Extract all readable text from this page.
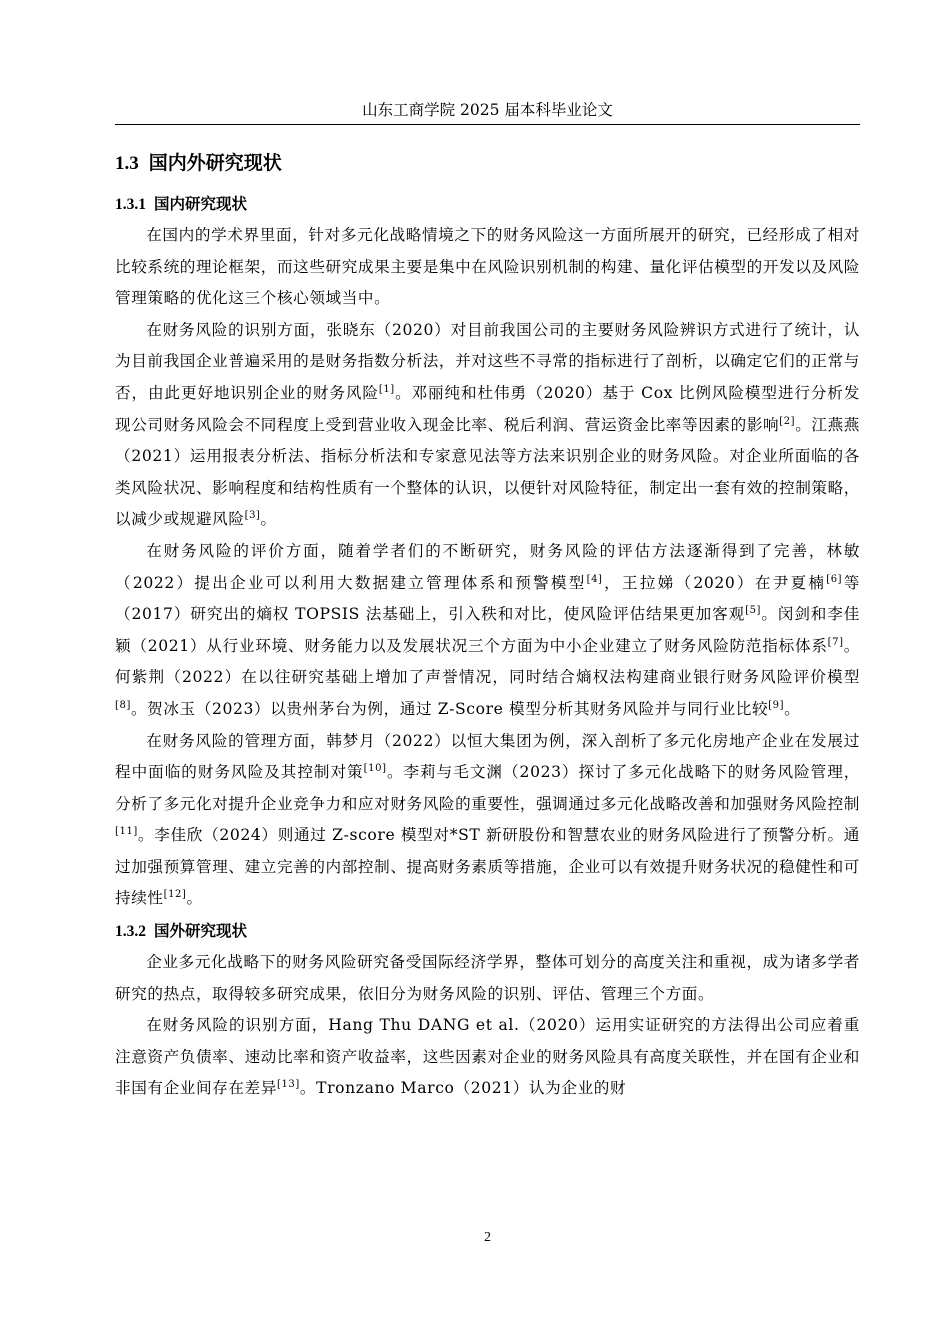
山东工商学院 2025 届本科毕业论文
1.3 国内外研究现状
1.3.1 国内研究现状

在国内的学术界里面，针对多元化战略情境之下的财务风险这一方面所展开的研究，已经形成了相对比较系统的理论框架，而这些研究成果主要是集中在风险识别机制的构建、量化评估模型的开发以及风险管理策略的优化这三个核心领域当中。

在财务风险的识别方面，张晓东（2020）对目前我国公司的主要财务风险辨识方式进行了统计，认为目前我国企业普遍采用的是财务指数分析法，并对这些不寻常的指标进行了剖析，以确定它们的正常与否，由此更好地识别企业的财务风险[1]。邓丽纯和杜伟勇（2020）基于 Cox 比例风险模型进行分析发现公司财务风险会不同程度上受到营业收入现金比率、税后利润、营运资金比率等因素的影响[2]。江燕燕（2021）运用报表分析法、指标分析法和专家意见法等方法来识别企业的财务风险。对企业所面临的各类风险状况、影响程度和结构性质有一个整体的认识，以便针对风险特征，制定出一套有效的控制策略，以减少或规避风险[3]。

在财务风险的评价方面，随着学者们的不断研究，财务风险的评估方法逐渐得到了完善，林敏（2022）提出企业可以利用大数据建立管理体系和预警模型[4]，王拉娣（2020）在尹夏楠[6]等（2017）研究出的熵权 TOPSIS 法基础上，引入秩和对比，使风险评估结果更加客观[5]。闵剑和李佳颖（2021）从行业环境、财务能力以及发展状况三个方面为中小企业建立了财务风险防范指标体系[7]。何紫荆（2022）在以往研究基础上增加了声誉情况，同时结合熵权法构建商业银行财务风险评价模型[8]。贺冰玉（2023）以贵州茅台为例，通过 Z-Score 模型分析其财务风险并与同行业比较[9]。

在财务风险的管理方面，韩梦月（2022）以恒大集团为例，深入剖析了多元化房地产企业在发展过程中面临的财务风险及其控制对策[10]。李莉与毛文渊（2023）探讨了多元化战略下的财务风险管理，分析了多元化对提升企业竞争力和应对财务风险的重要性，强调通过多元化战略改善和加强财务风险控制[11]。李佳欣（2024）则通过 Z-score 模型对*ST 新研股份和智慧农业的财务风险进行了预警分析。通过加强预算管理、建立完善的内部控制、提高财务素质等措施，企业可以有效提升财务状况的稳健性和可持续性[12]。

1.3.2 国外研究现状

企业多元化战略下的财务风险研究备受国际经济学界，整体可划分的高度关注和重视，成为诸多学者研究的热点，取得较多研究成果，依旧分为财务风险的识别、评估、管理三个方面。

在财务风险的识别方面，Hang Thu DANG et al.（2020）运用实证研究的方法得出公司应着重注意资产负债率、速动比率和资产收益率，这些因素对企业的财务风险具有高度关联性，并在国有企业和非国有企业间存在差异[13]。Tronzano Marco（2021）认为企业的财

2
